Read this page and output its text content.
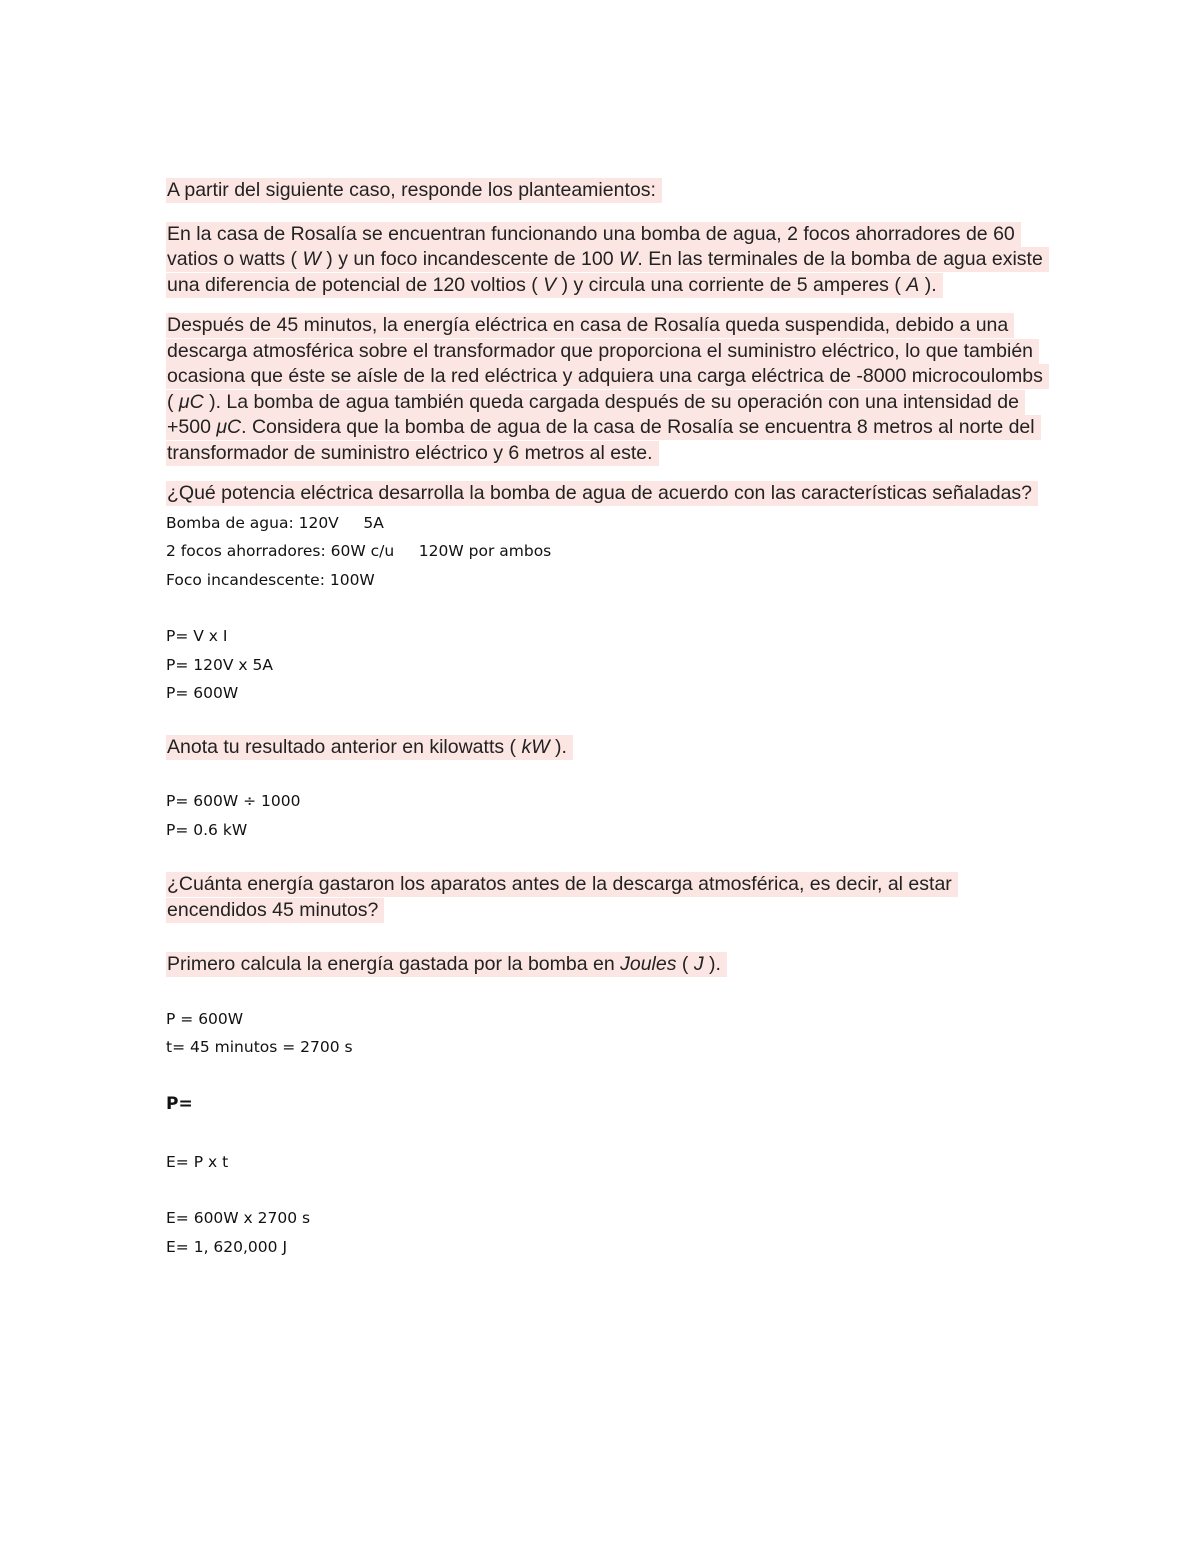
A partir del siguiente caso, responde los planteamientos:

En la casa de Rosalía se encuentran funcionando una bomba de agua, 2 focos ahorradores de 60 vatios o watts ( W ) y un foco incandescente de 100 W. En las terminales de la bomba de agua existe una diferencia de potencial de 120 voltios ( V ) y circula una corriente de 5 amperes ( A ).

Después de 45 minutos, la energía eléctrica en casa de Rosalía queda suspendida, debido a una descarga atmosférica sobre el transformador que proporciona el suministro eléctrico, lo que también ocasiona que éste se aísle de la red eléctrica y adquiera una carga eléctrica de -8000 microcoulombs ( μC ). La bomba de agua también queda cargada después de su operación con una intensidad de +500 μC. Considera que la bomba de agua de la casa de Rosalía se encuentra 8 metros al norte del transformador de suministro eléctrico y 6 metros al este.

¿Qué potencia eléctrica desarrolla la bomba de agua de acuerdo con las características señaladas?

Bomba de agua: 120V     5A

2 focos ahorradores: 60W c/u     120W por ambos

Foco incandescente: 100W

P= V x I

P= 120V x 5A

P= 600W

Anota tu resultado anterior en kilowatts ( kW ).

P= 600W ÷ 1000

P= 0.6 kW

¿Cuánta energía gastaron los aparatos antes de la descarga atmosférica, es decir, al estar encendidos 45 minutos?

Primero calcula la energía gastada por la bomba en Joules ( J ).

P = 600W

t= 45 minutos = 2700 s

P=

E= P x t

E= 600W x 2700 s

E= 1, 620,000 J
